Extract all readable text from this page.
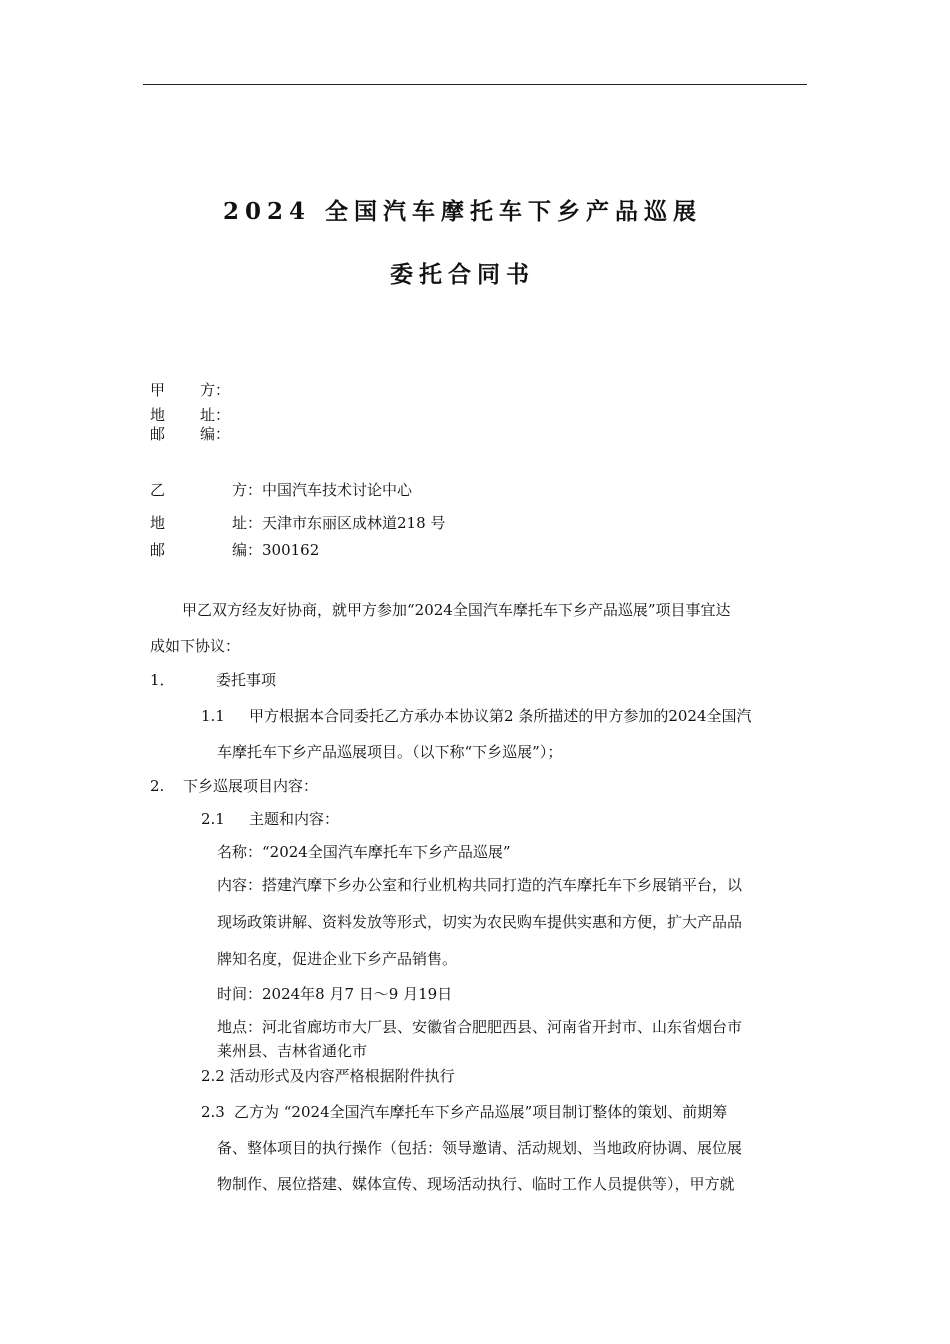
2024 全国汽车摩托车下乡产品巡展
委托合同书
甲 方：
地 址：
邮 编：
乙	方：中国汽车技术讨论中心
地	址：天津市东丽区成林道218 号
邮	编：300162
甲乙双方经友好协商，就甲方参加“2024全国汽车摩托车下乡产品巡展”项目事宜达
成如下协议：
1．	委托事项
1.1 甲方根据本合同委托乙方承办本协议第2 条所描述的甲方参加的2024全国汽
车摩托车下乡产品巡展项目。（以下称“下乡巡展”）；
2. 下乡巡展项目内容：
2.1 主题和内容：
名称：“2024全国汽车摩托车下乡产品巡展”
内容：搭建汽摩下乡办公室和行业机构共同打造的汽车摩托车下乡展销平台，以
现场政策讲解、资料发放等形式，切实为农民购车提供实惠和方便，扩大产品品
牌知名度，促进企业下乡产品销售。
时间：2024年8 月7 日～9 月19日
地点：河北省廊坊市大厂县、安徽省合肥肥西县、河南省开封市、山东省烟台市
莱州县、吉林省通化市
2.2 活动形式及内容严格根据附件执行
2.3 乙方为 “2024全国汽车摩托车下乡产品巡展”项目制订整体的策划、前期筹
备、整体项目的执行操作（包括：领导邀请、活动规划、当地政府协调、展位展
物制作、展位搭建、媒体宣传、现场活动执行、临时工作人员提供等），甲方就
